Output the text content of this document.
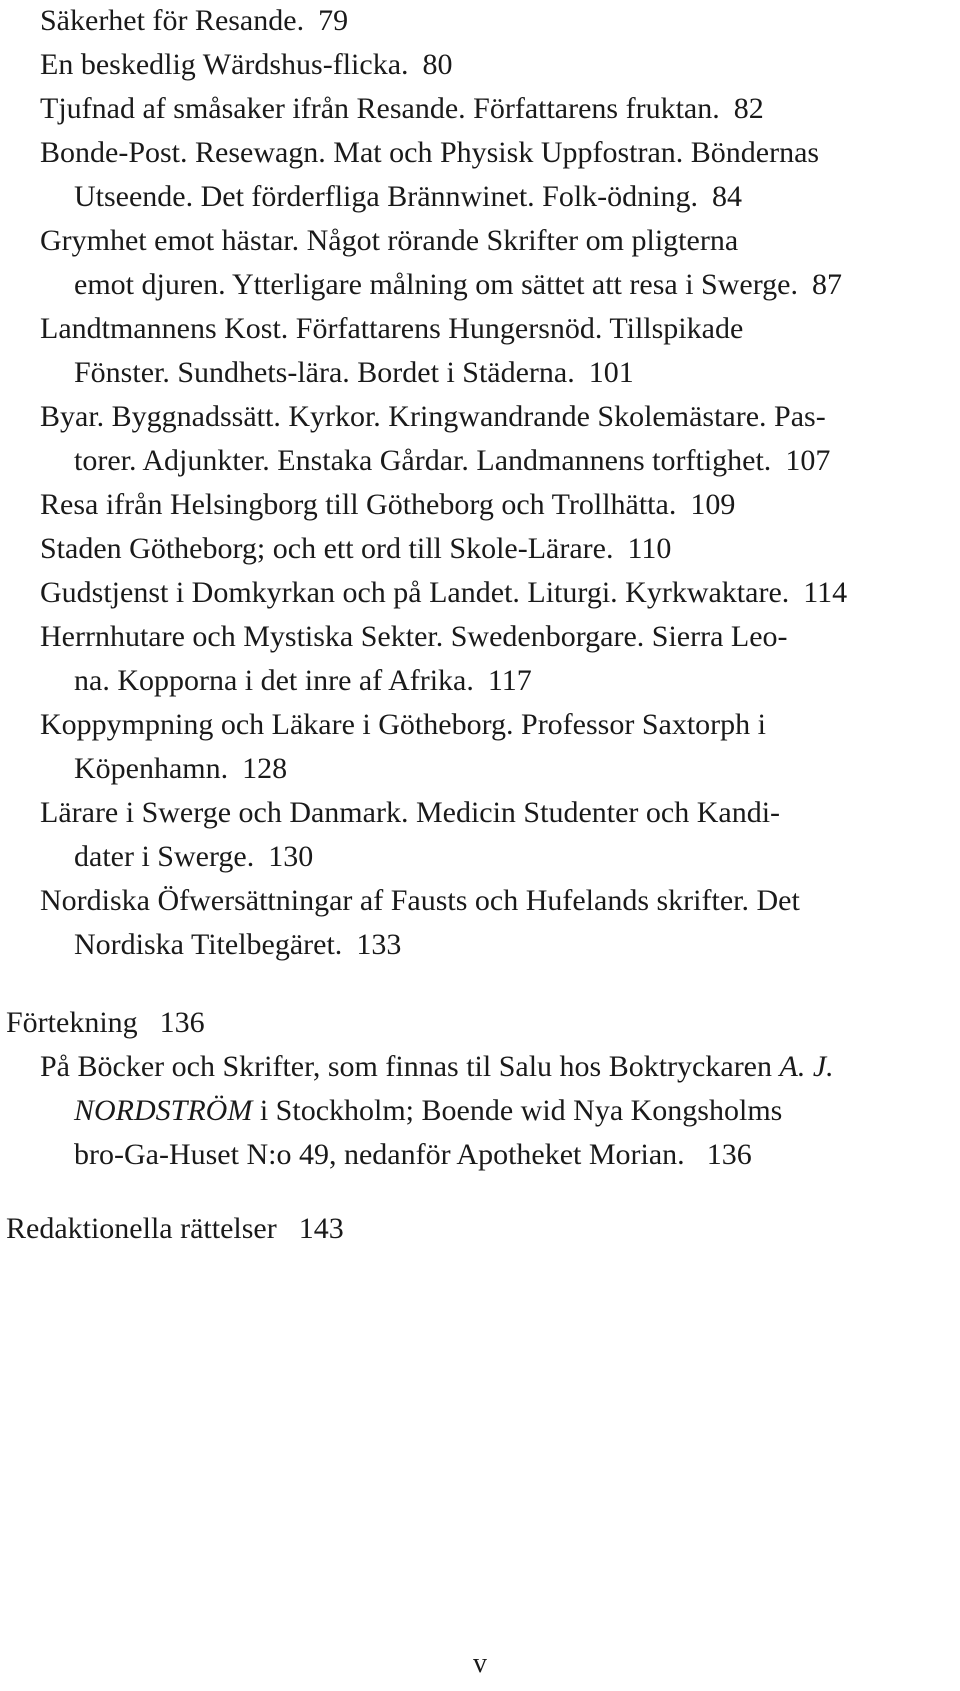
Säkerhet för Resande. 79
En beskedlig Wärdshus-flicka. 80
Tjufnad af småsaker ifrån Resande. Författarens fruktan. 82
Bonde-Post. Resewagn. Mat och Physisk Uppfostran. Böndernas
Utseende. Det förderfliga Brännwinet. Folk-ödning. 84
Grymhet emot hästar. Något rörande Skrifter om pligterna
emot djuren. Ytterligare målning om sättet att resa i Swerge. 87
Landtmannens Kost. Författarens Hungersnöd. Tillspikade
Fönster. Sundhets-lära. Bordet i Städerna. 101
Byar. Byggnadssätt. Kyrkor. Kringwandrande Skolemästare. Pas-
torer. Adjunkter. Enstaka Gårdar. Landmannens torftighet. 107
Resa ifrån Helsingborg till Götheborg och Trollhätta. 109
Staden Götheborg; och ett ord till Skole-Lärare. 110
Gudstjenst i Domkyrkan och på Landet. Liturgi. Kyrkwaktare. 114
Herrnhutare och Mystiska Sekter. Swedenborgare. Sierra Leo-
na. Kopporna i det inre af Afrika. 117
Koppympning och Läkare i Götheborg. Professor Saxtorph i
Köpenhamn. 128
Lärare i Swerge och Danmark. Medicin Studenter och Kandi-
dater i Swerge. 130
Nordiska Öfwersättningar af Fausts och Hufelands skrifter. Det
Nordiska Titelbegäret. 133
Förtekning 136
På Böcker och Skrifter, som finnas til Salu hos Boktryckaren A. J.
NORDSTRÖM i Stockholm; Boende wid Nya Kongsholms
bro-Ga-Huset N:o 49, nedanför Apotheket Morian. 136
Redaktionella rättelser 143
v
